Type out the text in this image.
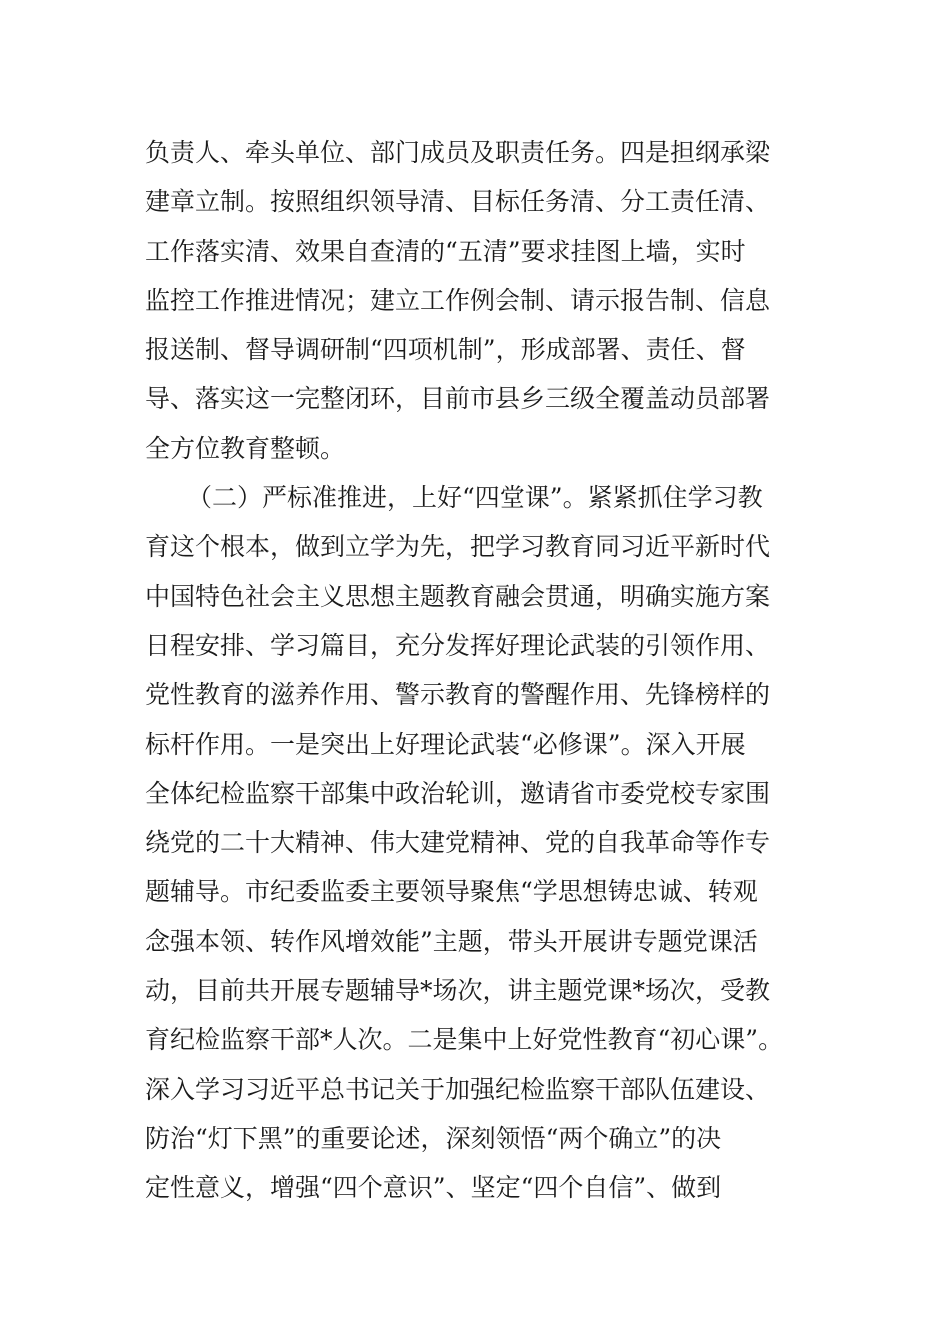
负责人、牵头单位、部门成员及职责任务。四是担纲承梁
建章立制。按照组织领导清、目标任务清、分工责任清、
工作落实清、效果自查清的“五清”要求挂图上墙，实时
监控工作推进情况；建立工作例会制、请示报告制、信息
报送制、督导调研制“四项机制”，形成部署、责任、督
导、落实这一完整闭环，目前市县乡三级全覆盖动员部署
全方位教育整顿。
（二）严标准推进，上好“四堂课”。紧紧抓住学习教
育这个根本，做到立学为先，把学习教育同习近平新时代
中国特色社会主义思想主题教育融会贯通，明确实施方案
日程安排、学习篇目，充分发挥好理论武装的引领作用、
党性教育的滋养作用、警示教育的警醒作用、先锋榜样的
标杆作用。一是突出上好理论武装“必修课”。深入开展
全体纪检监察干部集中政治轮训，邀请省市委党校专家围
绕党的二十大精神、伟大建党精神、党的自我革命等作专
题辅导。市纪委监委主要领导聚焦“学思想铸忠诚、转观
念强本领、转作风增效能”主题，带头开展讲专题党课活
动，目前共开展专题辅导*场次，讲主题党课*场次，受教
育纪检监察干部*人次。二是集中上好党性教育“初心课”。
深入学习习近平总书记关于加强纪检监察干部队伍建设、
防治“灯下黑”的重要论述，深刻领悟“两个确立”的决
定性意义，增强“四个意识”、坚定“四个自信”、做到
